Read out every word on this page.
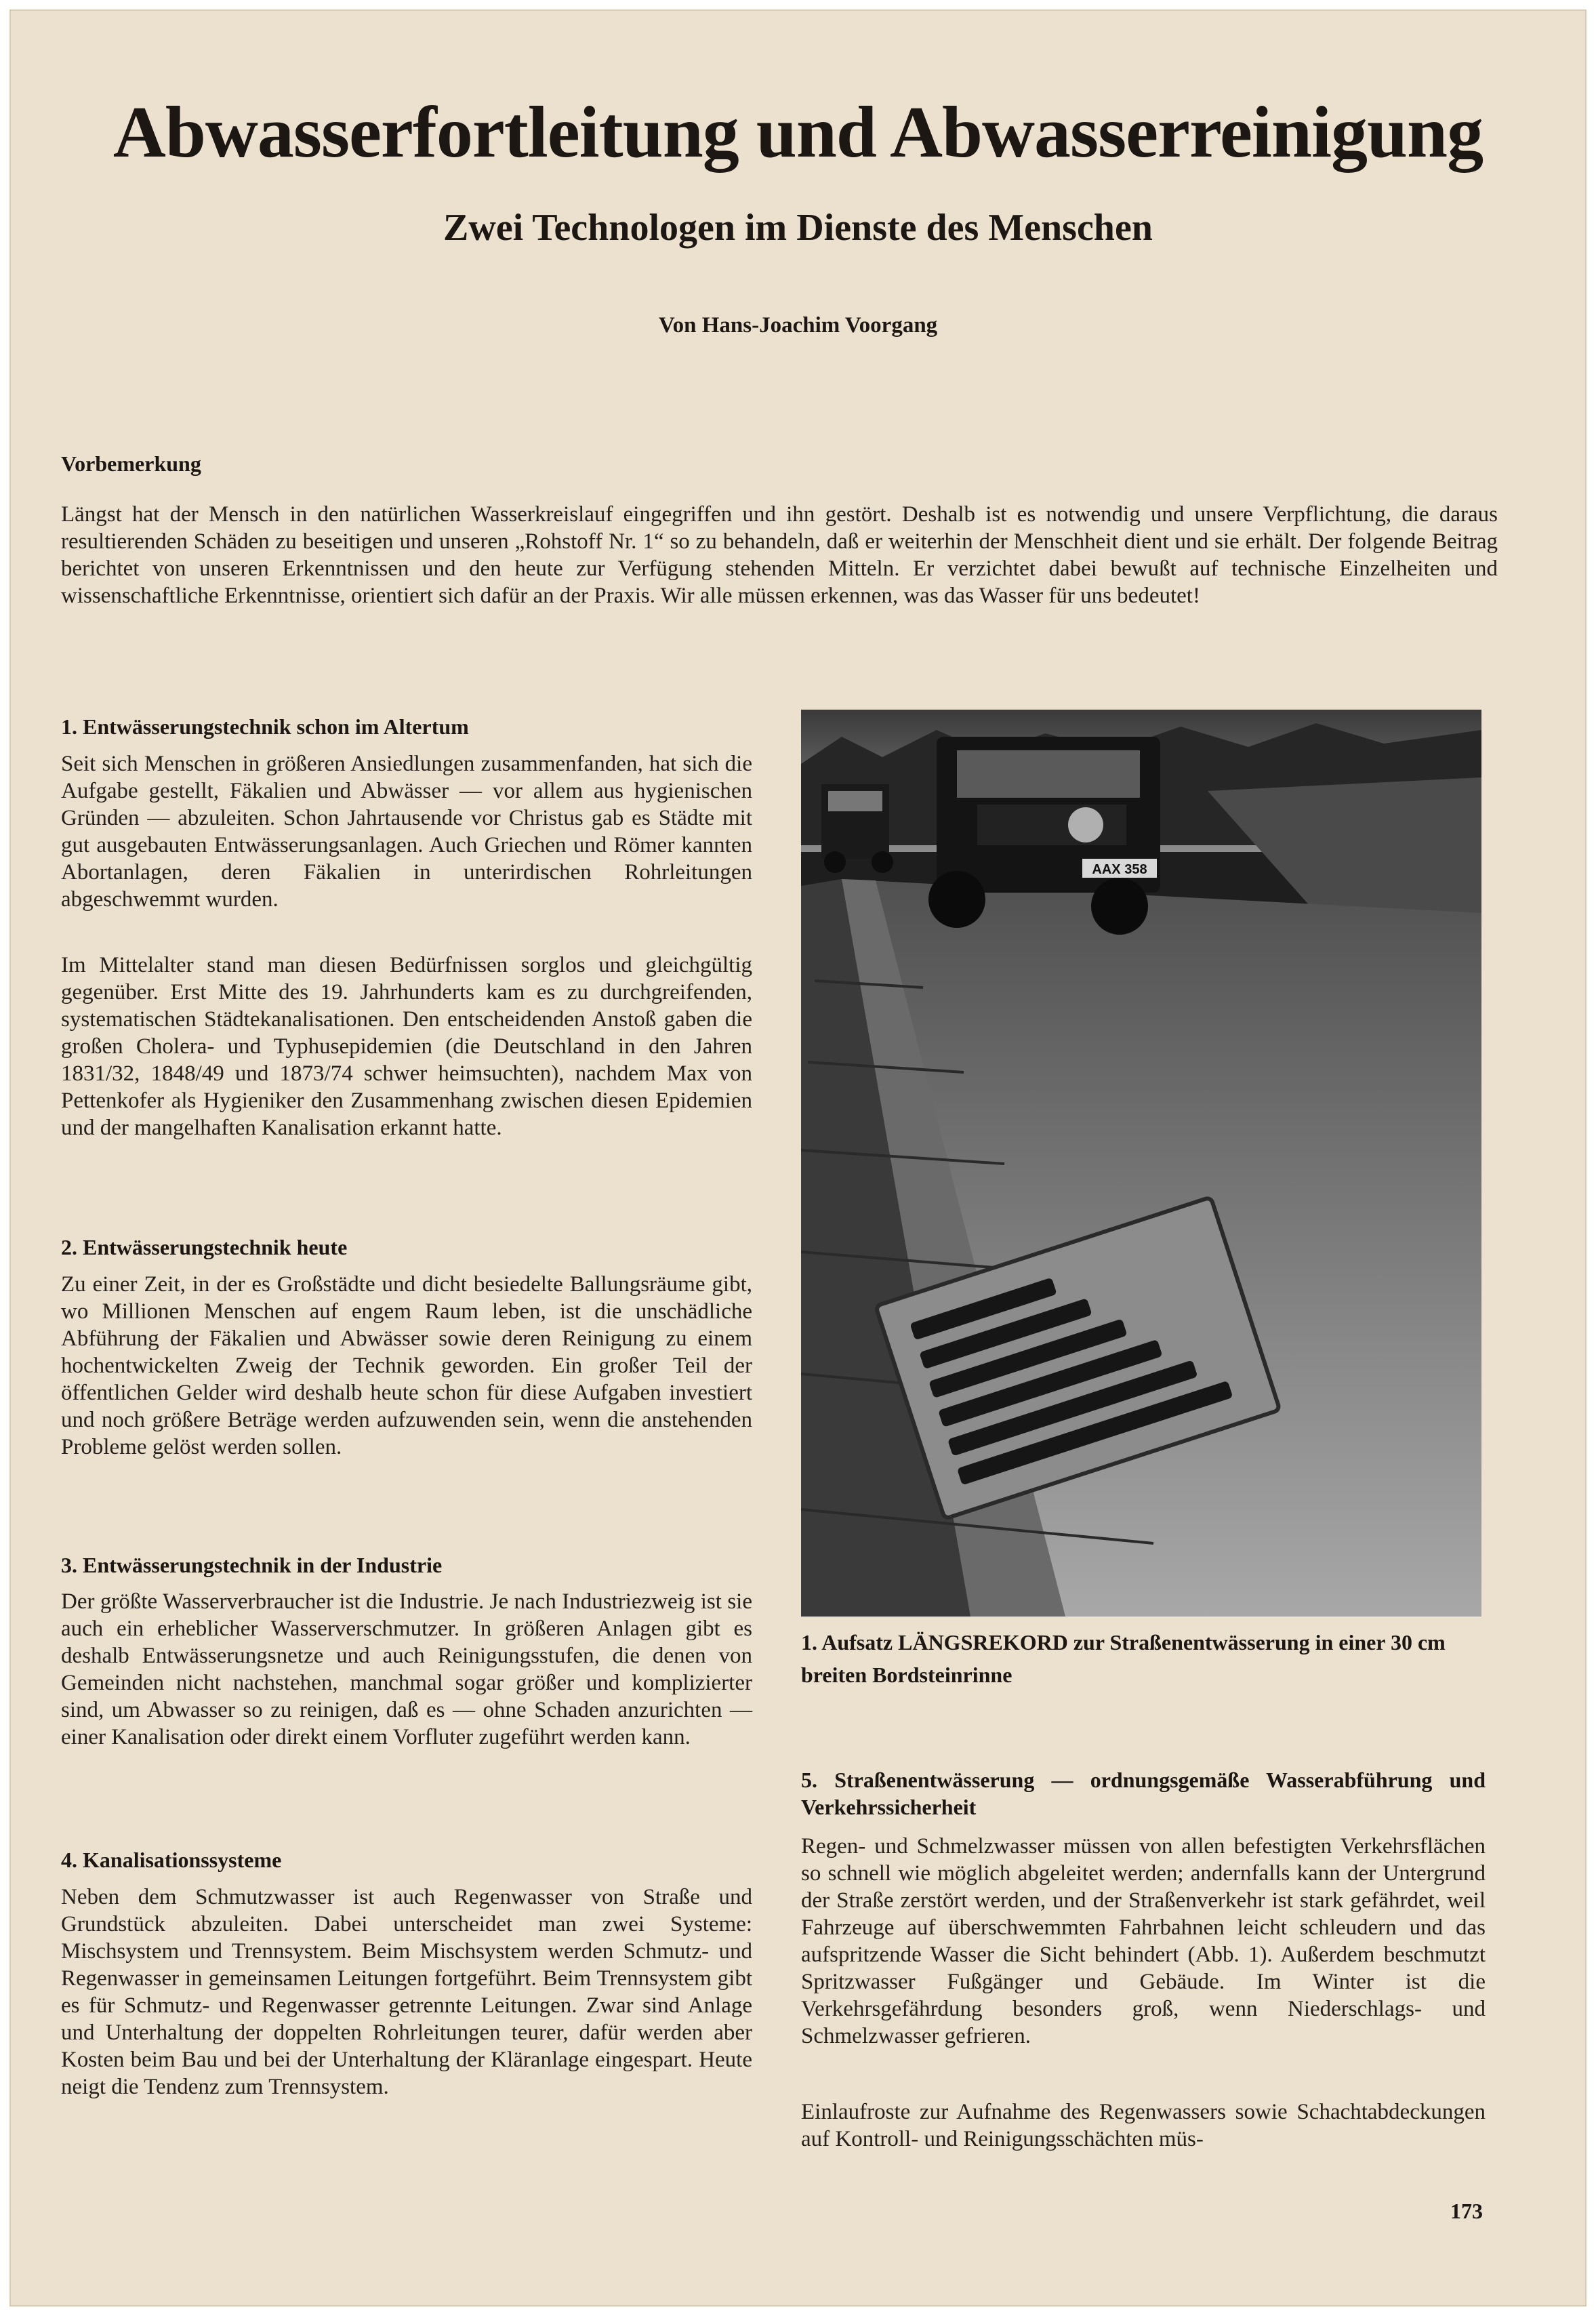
Abwasserfortleitung und Abwasserreinigung
Zwei Technologen im Dienste des Menschen
Von Hans-Joachim Voorgang
Vorbemerkung
Längst hat der Mensch in den natürlichen Wasserkreislauf eingegriffen und ihn gestört. Deshalb ist es notwendig und unsere Verpflichtung, die daraus resultierenden Schäden zu beseitigen und unseren „Rohstoff Nr. 1“ so zu behandeln, daß er weiterhin der Menschheit dient und sie erhält. Der folgende Beitrag berichtet von unseren Erkenntnissen und den heute zur Verfügung stehenden Mitteln. Er verzichtet dabei bewußt auf technische Einzelheiten und wissenschaftliche Erkenntnisse, orientiert sich dafür an der Praxis. Wir alle müssen erkennen, was das Wasser für uns bedeutet!
1. Entwässerungstechnik schon im Altertum
Seit sich Menschen in größeren Ansiedlungen zusammenfanden, hat sich die Aufgabe gestellt, Fäkalien und Abwässer — vor allem aus hygienischen Gründen — abzuleiten. Schon Jahrtausende vor Christus gab es Städte mit gut ausgebauten Entwässerungsanlagen. Auch Griechen und Römer kannten Abortanlagen, deren Fäkalien in unterirdischen Rohrleitungen abgeschwemmt wurden.
Im Mittelalter stand man diesen Bedürfnissen sorglos und gleichgültig gegenüber. Erst Mitte des 19. Jahrhunderts kam es zu durchgreifenden, systematischen Städtekanalisationen. Den entscheidenden Anstoß gaben die großen Cholera- und Typhusepidemien (die Deutschland in den Jahren 1831/32, 1848/49 und 1873/74 schwer heimsuchten), nachdem Max von Pettenkofer als Hygieniker den Zusammenhang zwischen diesen Epidemien und der mangelhaften Kanalisation erkannt hatte.
2. Entwässerungstechnik heute
Zu einer Zeit, in der es Großstädte und dicht besiedelte Ballungsräume gibt, wo Millionen Menschen auf engem Raum leben, ist die unschädliche Abführung der Fäkalien und Abwässer sowie deren Reinigung zu einem hochentwickelten Zweig der Technik geworden. Ein großer Teil der öffentlichen Gelder wird deshalb heute schon für diese Aufgaben investiert und noch größere Beträge werden aufzuwenden sein, wenn die anstehenden Probleme gelöst werden sollen.
3. Entwässerungstechnik in der Industrie
Der größte Wasserverbraucher ist die Industrie. Je nach Industriezweig ist sie auch ein erheblicher Wasserverschmutzer. In größeren Anlagen gibt es deshalb Entwässerungsnetze und auch Reinigungsstufen, die denen von Gemeinden nicht nachstehen, manchmal sogar größer und komplizierter sind, um Abwasser so zu reinigen, daß es — ohne Schaden anzurichten — einer Kanalisation oder direkt einem Vorfluter zugeführt werden kann.
4. Kanalisationssysteme
Neben dem Schmutzwasser ist auch Regenwasser von Straße und Grundstück abzuleiten. Dabei unterscheidet man zwei Systeme: Mischsystem und Trennsystem. Beim Mischsystem werden Schmutz- und Regenwasser in gemeinsamen Leitungen fortgeführt. Beim Trennsystem gibt es für Schmutz- und Regenwasser getrennte Leitungen. Zwar sind Anlage und Unterhaltung der doppelten Rohrleitungen teurer, dafür werden aber Kosten beim Bau und bei der Unterhaltung der Kläranlage eingespart. Heute neigt die Tendenz zum Trennsystem.
AAX 358
1. Aufsatz LÄNGSREKORD zur Straßenentwässerung in einer 30 cm breiten Bordsteinrinne
5. Straßenentwässerung — ordnungsgemäße Wasserabführung und Verkehrssicherheit
Regen- und Schmelzwasser müssen von allen befestigten Verkehrsflächen so schnell wie möglich abgeleitet werden; andernfalls kann der Untergrund der Straße zerstört werden, und der Straßenverkehr ist stark gefährdet, weil Fahrzeuge auf überschwemmten Fahrbahnen leicht schleudern und das aufspritzende Wasser die Sicht behindert (Abb. 1). Außerdem beschmutzt Spritzwasser Fußgänger und Gebäude. Im Winter ist die Verkehrsgefährdung besonders groß, wenn Niederschlags- und Schmelzwasser gefrieren.
Einlaufroste zur Aufnahme des Regenwassers sowie Schachtabdeckungen auf Kontroll- und Reinigungsschächten müs-
173
